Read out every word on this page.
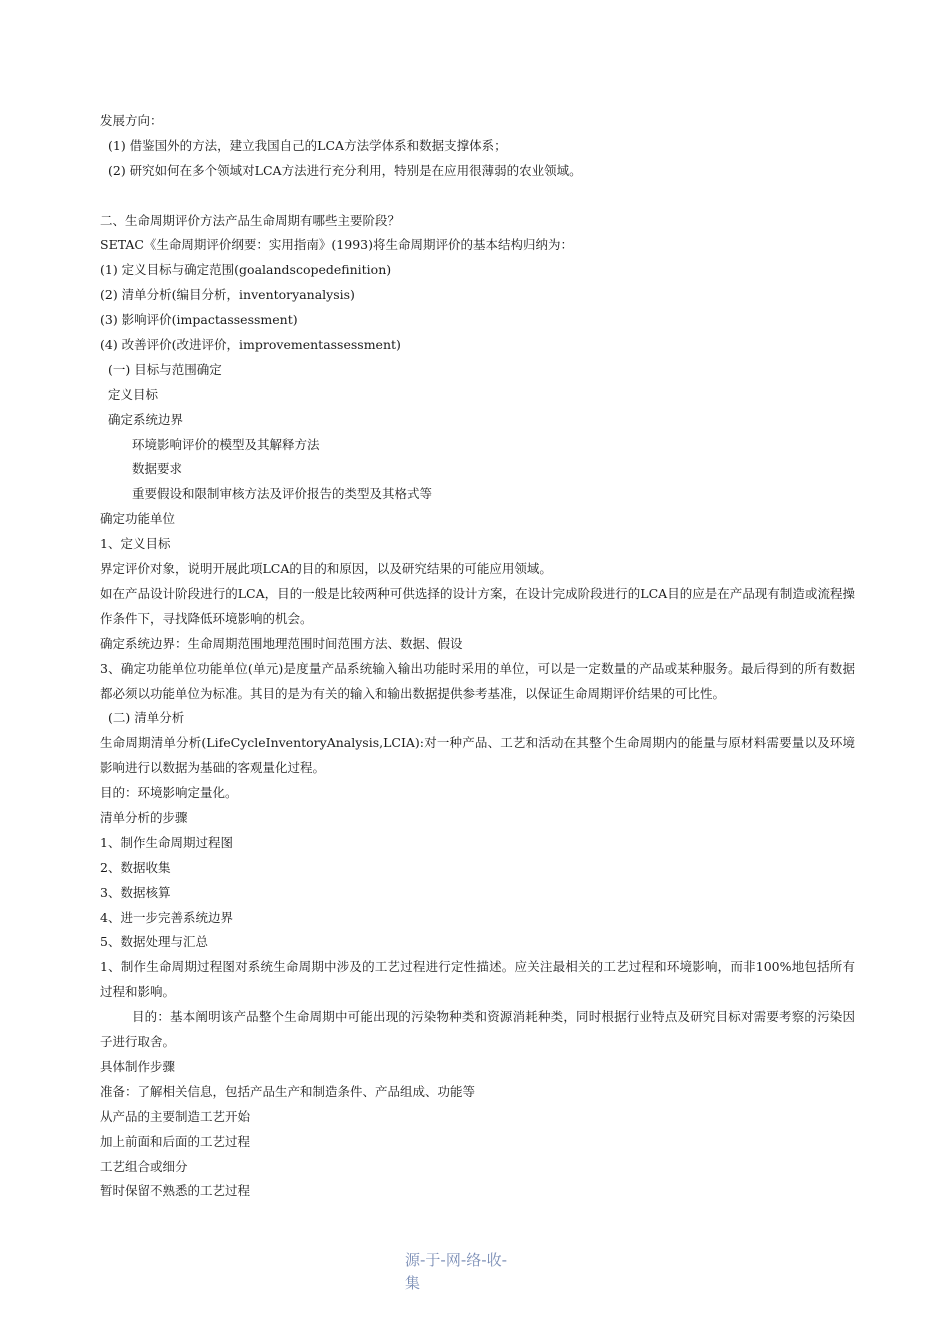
发展方向：
(1) 借鉴国外的方法，建立我国自己的LCA方法学体系和数据支撑体系；
(2) 研究如何在多个领域对LCA方法进行充分利用，特别是在应用很薄弱的农业领域。
二、生命周期评价方法产品生命周期有哪些主要阶段？
SETAC《生命周期评价纲要：实用指南》(1993)将生命周期评价的基本结构归纳为：
(1) 定义目标与确定范围(goalandscopedefinition)
(2) 清单分析(编目分析，inventoryanalysis)
(3) 影响评价(impactassessment)
(4) 改善评价(改进评价，improvementassessment)
(一) 目标与范围确定
定义目标
确定系统边界
环境影响评价的模型及其解释方法
数据要求
重要假设和限制审核方法及评价报告的类型及其格式等
确定功能单位
1、定义目标
界定评价对象，说明开展此项LCA的目的和原因，以及研究结果的可能应用领域。
如在产品设计阶段进行的LCA，目的一般是比较两种可供选择的设计方案，在设计完成阶段进行的LCA目的应是在产品现有制造或流程操作条件下，寻找降低环境影响的机会。
确定系统边界：生命周期范围地理范围时间范围方法、数据、假设
3、确定功能单位功能单位(单元)是度量产品系统输入输出功能时采用的单位，可以是一定数量的产品或某种服务。最后得到的所有数据都必须以功能单位为标准。其目的是为有关的输入和输出数据提供参考基准，以保证生命周期评价结果的可比性。
(二) 清单分析
生命周期清单分析(LifeCycleInventoryAnalysis,LCIA):对一种产品、工艺和活动在其整个生命周期内的能量与原材料需要量以及环境影响进行以数据为基础的客观量化过程。
目的：环境影响定量化。
清单分析的步骤
1、制作生命周期过程图
2、数据收集
3、数据核算
4、进一步完善系统边界
5、数据处理与汇总
1、制作生命周期过程图对系统生命周期中涉及的工艺过程进行定性描述。应关注最相关的工艺过程和环境影响，而非100%地包括所有过程和影响。
目的：基本阐明该产品整个生命周期中可能出现的污染物种类和资源消耗种类，同时根据行业特点及研究目标对需要考察的污染因子进行取舍。
具体制作步骤
准备：了解相关信息，包括产品生产和制造条件、产品组成、功能等
从产品的主要制造工艺开始
加上前面和后面的工艺过程
工艺组合或细分
暂时保留不熟悉的工艺过程
源-于-网-络-收-
集
